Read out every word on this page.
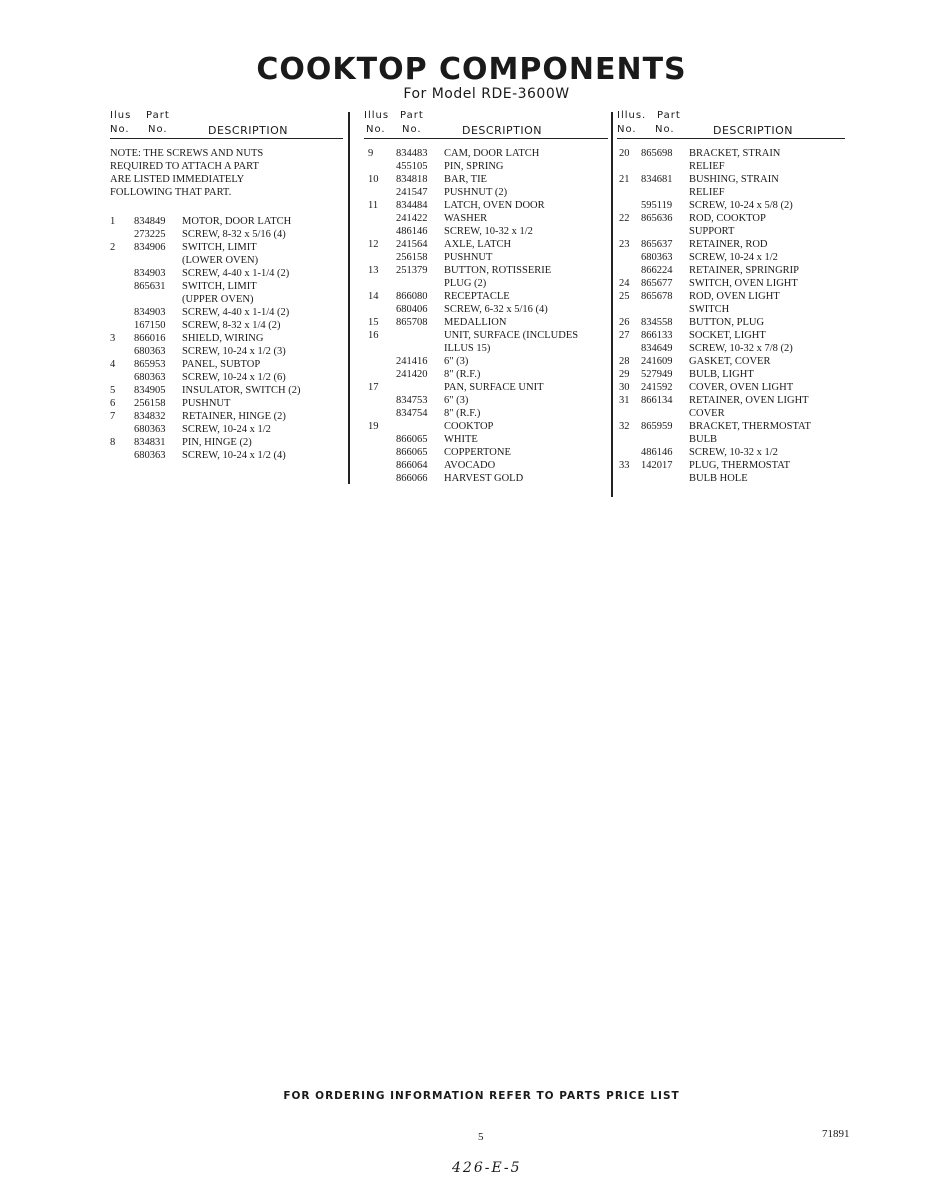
COOKTOP COMPONENTS
For Model RDE-3600W
Ilus
No.
Part
No.	DESCRIPTION
NOTE: THE SCREWS AND NUTS
REQUIRED TO ATTACH A PART
ARE LISTED IMMEDIATELY
FOLLOWING THAT PART.
1 834849 MOTOR, DOOR LATCH
273225 SCREW, 8-32 x 5/16 (4)
2 834906 SWITCH, LIMIT
(LOWER OVEN)
834903 SCREW, 4-40 x 1-1/4 (2)
865631 SWITCH, LIMIT
(UPPER OVEN)
834903 SCREW, 4-40 x 1-1/4 (2)
167150 SCREW, 8-32 x 1/4 (2)
3 866016 SHIELD, WIRING
680363 SCREW, 10-24 x 1/2 (3)
4 865953 PANEL, SUBTOP
680363 SCREW, 10-24 x 1/2 (6)
5 834905 INSULATOR, SWITCH (2)
6 256158 PUSHNUT
7 834832 RETAINER, HINGE (2)
680363 SCREW, 10-24 x 1/2
8 834831 PIN, HINGE (2)
680363 SCREW, 10-24 x 1/2 (4)
Illus
No.
Part
No.	DESCRIPTION
9 834483 CAM, DOOR LATCH
455105 PIN, SPRING
10 834818 BAR, TIE
241547 PUSHNUT (2)
11 834484 LATCH, OVEN DOOR
241422 WASHER
486146 SCREW, 10-32 x 1/2
12 241564 AXLE, LATCH
256158 PUSHNUT
13 251379 BUTTON, ROTISSERIE
PLUG (2)
14 866080 RECEPTACLE
680406 SCREW, 6-32 x 5/16 (4)
15 865708 MEDALLION
16	UNIT, SURFACE (INCLUDES
ILLUS 15)
241416 6" (3)
241420 8" (R.F.)
17	PAN, SURFACE UNIT
834753 6" (3)
834754 8" (R.F.)
19	COOKTOP
866065 WHITE
866065 COPPERTONE
866064 AVOCADO
866066 HARVEST GOLD
Illus.
No.
Part
No.	DESCRIPTION
20 865698 BRACKET, STRAIN
RELIEF
21 834681 BUSHING, STRAIN
RELIEF
595119 SCREW, 10-24 x 5/8 (2)
22 865636 ROD, COOKTOP
SUPPORT
23 865637 RETAINER, ROD
680363 SCREW, 10-24 x 1/2
866224 RETAINER, SPRINGRIP
24 865677 SWITCH, OVEN LIGHT
25 865678 ROD, OVEN LIGHT
SWITCH
26 834558 BUTTON, PLUG
27 866133 SOCKET, LIGHT
834649 SCREW, 10-32 x 7/8 (2)
28 241609 GASKET, COVER
29 527949 BULB, LIGHT
30 241592 COVER, OVEN LIGHT
31 866134 RETAINER, OVEN LIGHT
COVER
32 865959 BRACKET, THERMOSTAT
BULB
486146 SCREW, 10-32 x 1/2
33 142017 PLUG, THERMOSTAT
BULB HOLE
FOR ORDERING INFORMATION REFER TO PARTS PRICE LIST
5	71891
426-E-5
